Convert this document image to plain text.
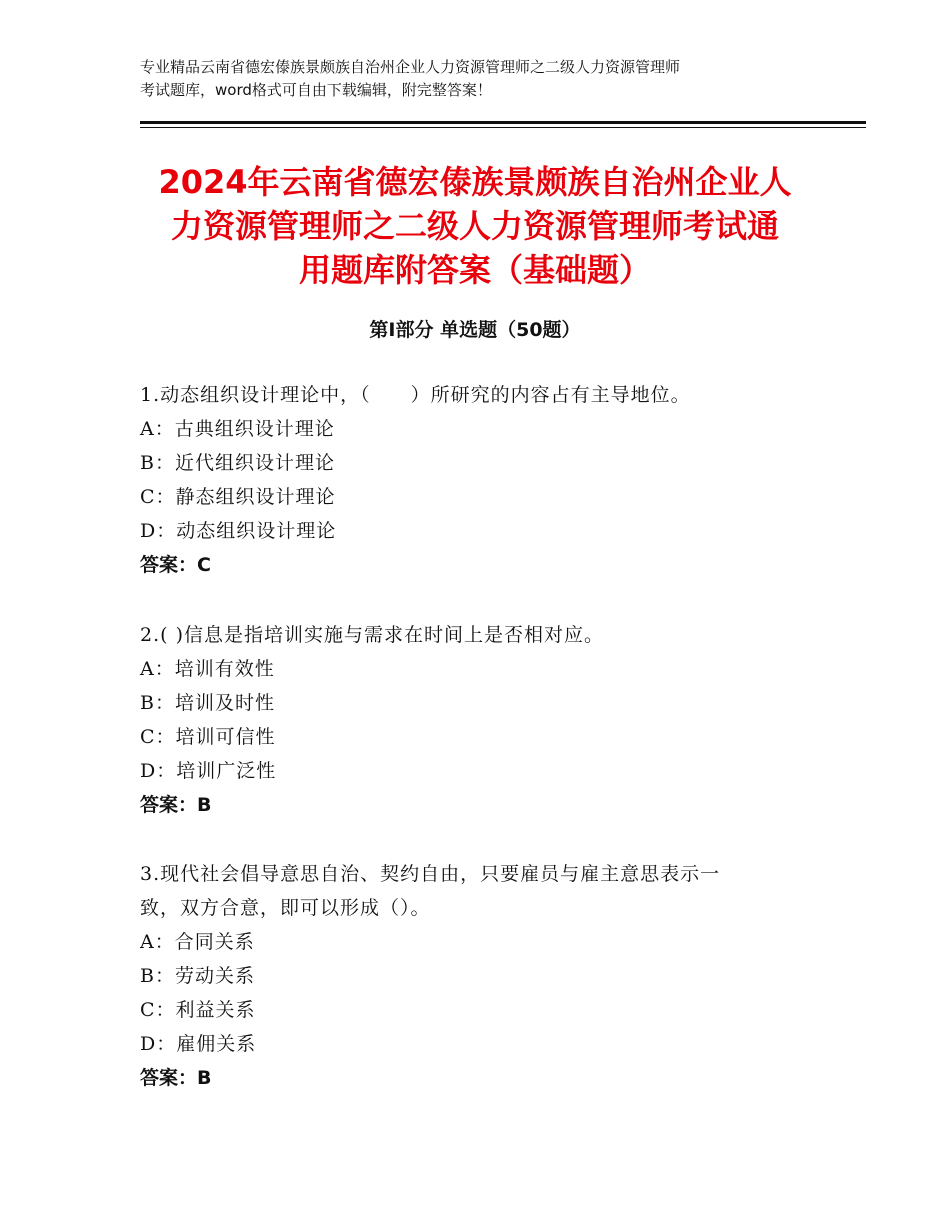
专业精品云南省德宏傣族景颇族自治州企业人力资源管理师之二级人力资源管理师
考试题库，word格式可自由下载编辑，附完整答案！
2024年云南省德宏傣族景颇族自治州企业人
力资源管理师之二级人力资源管理师考试通
用题库附答案（基础题）
第Ⅰ部分 单选题（50题）
1.动态组织设计理论中，（　　）所研究的内容占有主导地位。
A：古典组织设计理论
B：近代组织设计理论
C：静态组织设计理论
D：动态组织设计理论
答案：C
2.( )信息是指培训实施与需求在时间上是否相对应。
A：培训有效性
B：培训及时性
C：培训可信性
D：培训广泛性
答案：B
3.现代社会倡导意思自治、契约自由，只要雇员与雇主意思表示一
致，双方合意，即可以形成（）。
A：合同关系
B：劳动关系
C：利益关系
D：雇佣关系
答案：B
